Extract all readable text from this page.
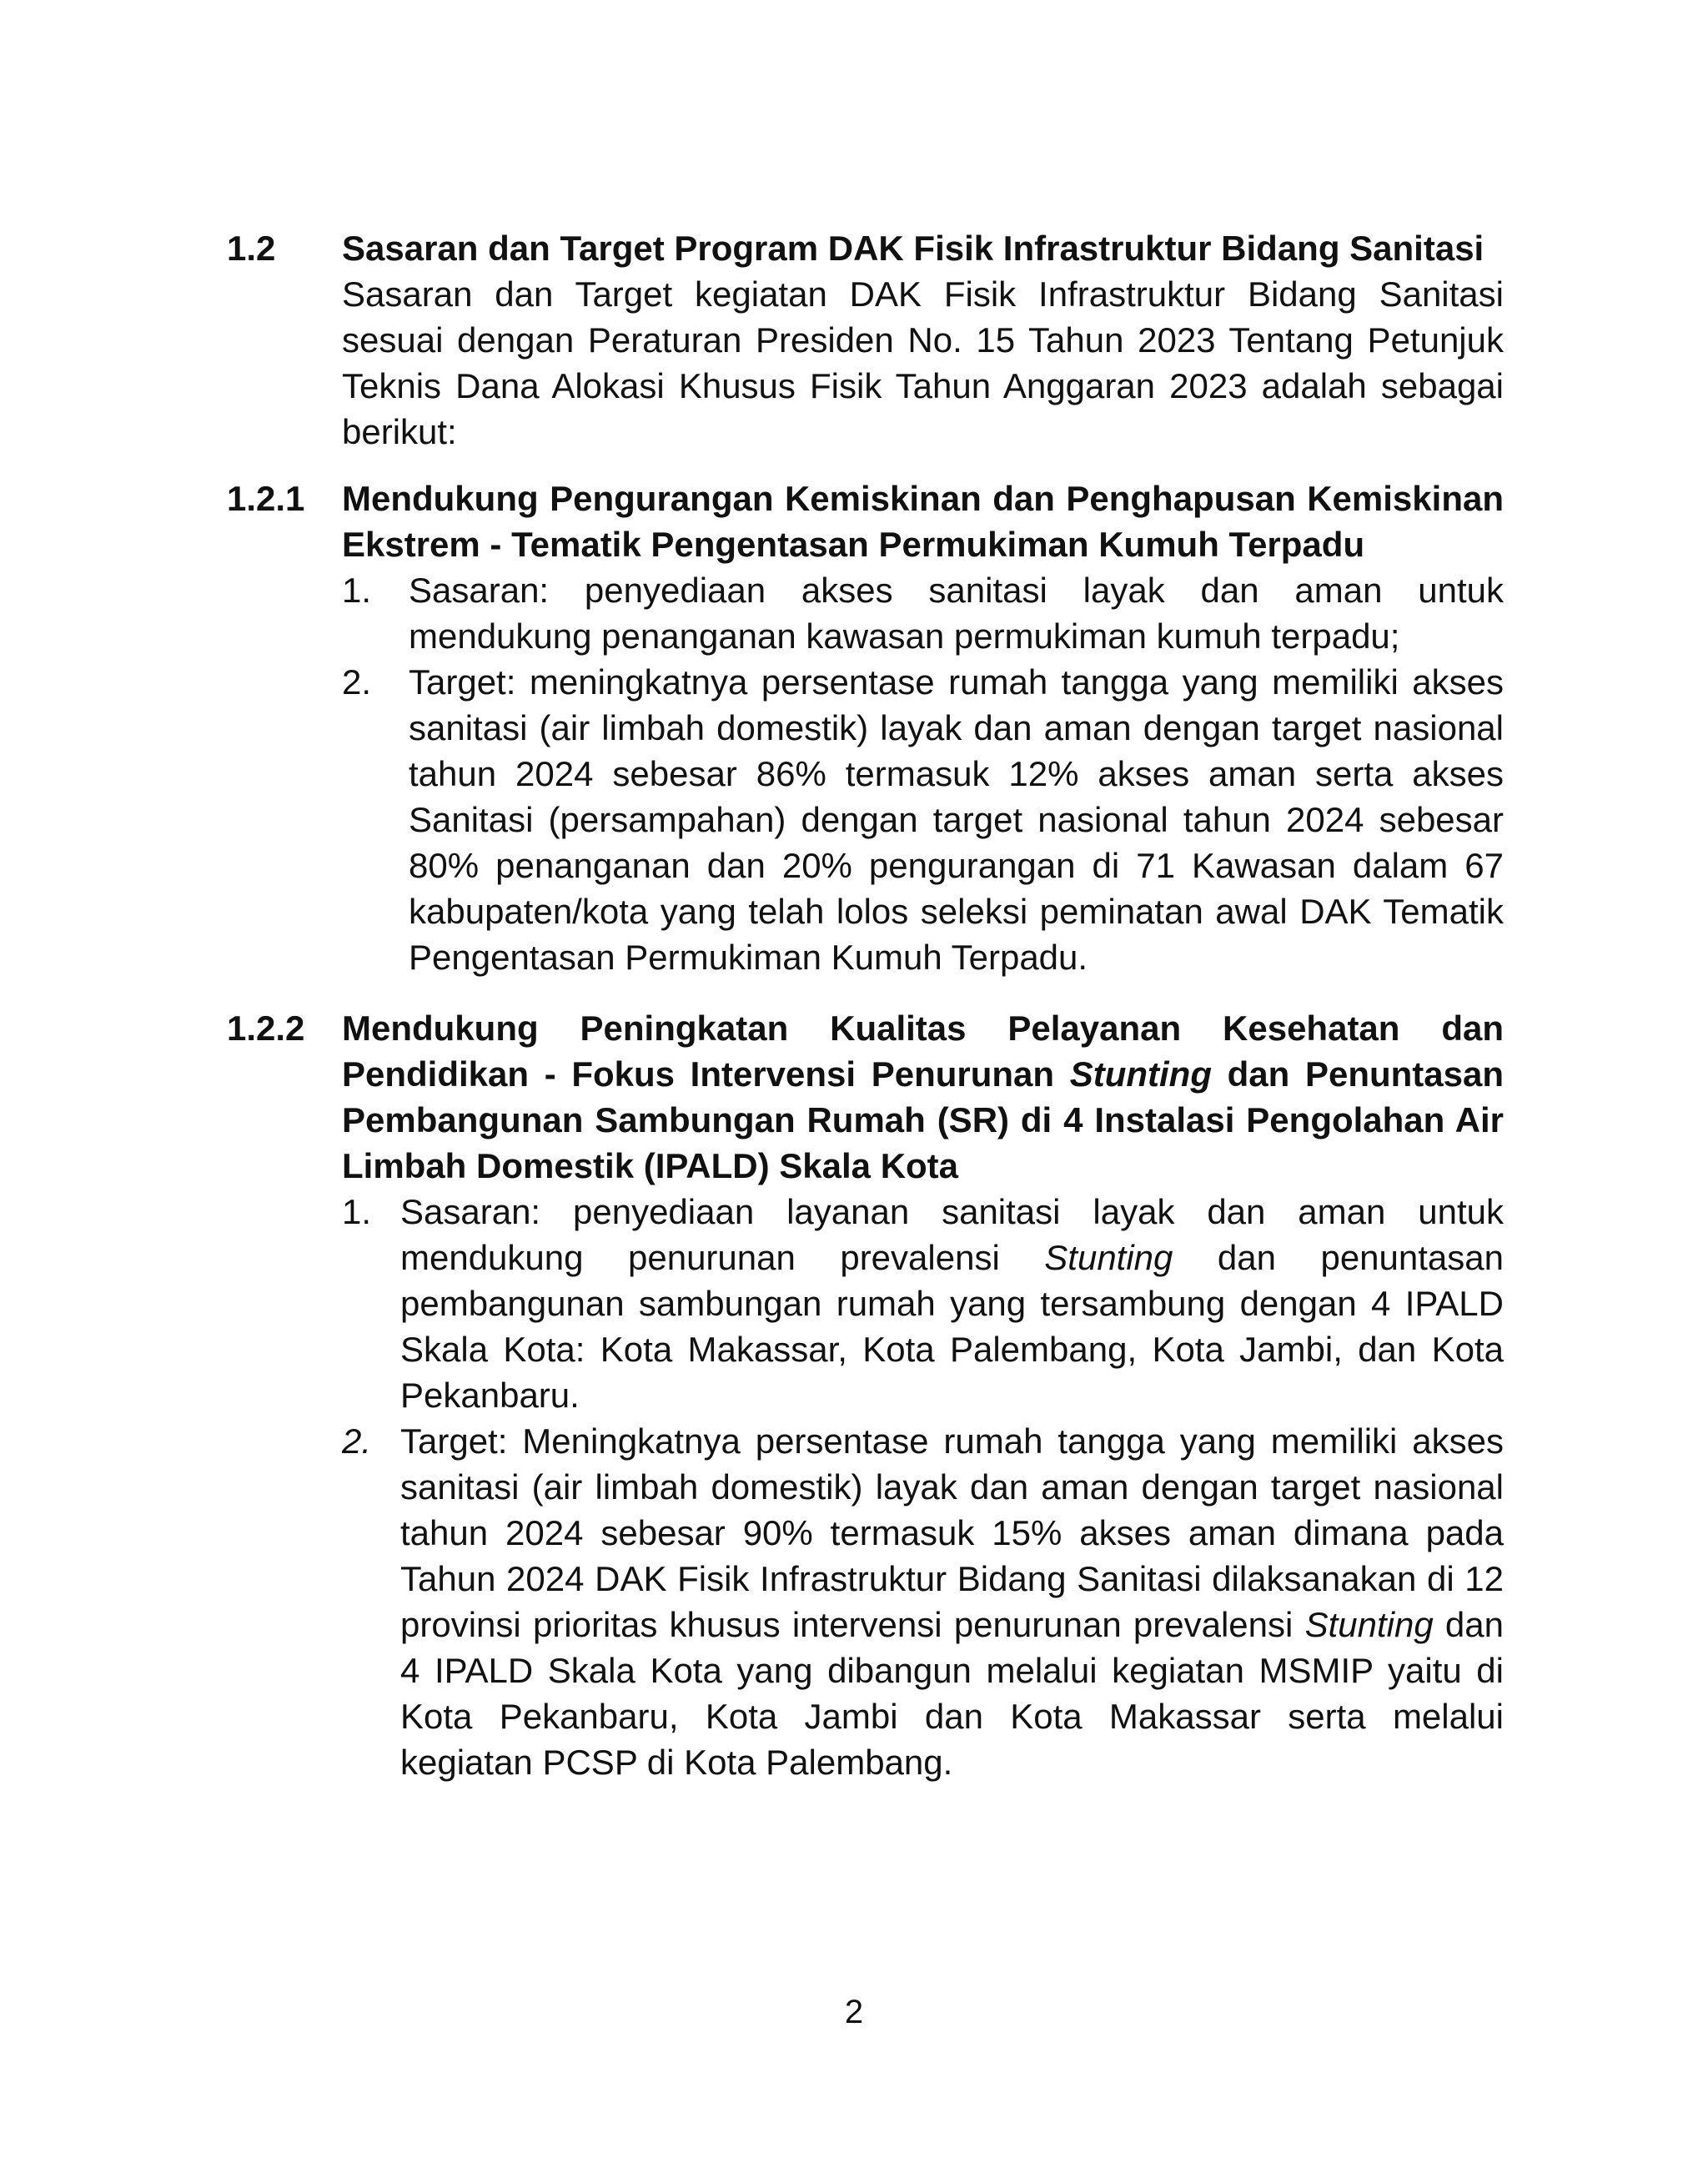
1.2	Sasaran dan Target Program DAK Fisik Infrastruktur Bidang Sanitasi
Sasaran dan Target kegiatan DAK Fisik Infrastruktur Bidang Sanitasi sesuai dengan Peraturan Presiden No. 15 Tahun 2023 Tentang Petunjuk Teknis Dana Alokasi Khusus Fisik Tahun Anggaran 2023 adalah sebagai berikut:
1.2.1	Mendukung Pengurangan Kemiskinan dan Penghapusan Kemiskinan Ekstrem - Tematik Pengentasan Permukiman Kumuh Terpadu
1.	Sasaran: penyediaan akses sanitasi layak dan aman untuk mendukung penanganan kawasan permukiman kumuh terpadu;
2.	Target: meningkatnya persentase rumah tangga yang memiliki akses sanitasi (air limbah domestik) layak dan aman dengan target nasional tahun 2024 sebesar 86% termasuk 12% akses aman serta akses Sanitasi (persampahan) dengan target nasional tahun 2024 sebesar 80% penanganan dan 20% pengurangan di 71 Kawasan dalam 67 kabupaten/kota yang telah lolos seleksi peminatan awal DAK Tematik Pengentasan Permukiman Kumuh Terpadu.
1.2.2	Mendukung Peningkatan Kualitas Pelayanan Kesehatan dan Pendidikan - Fokus Intervensi Penurunan Stunting dan Penuntasan Pembangunan Sambungan Rumah (SR) di 4 Instalasi Pengolahan Air Limbah Domestik (IPALD) Skala Kota
1. Sasaran: penyediaan layanan sanitasi layak dan aman untuk mendukung penurunan prevalensi Stunting dan penuntasan pembangunan sambungan rumah yang tersambung dengan 4 IPALD Skala Kota: Kota Makassar, Kota Palembang, Kota Jambi, dan Kota Pekanbaru.
2. Target: Meningkatnya persentase rumah tangga yang memiliki akses sanitasi (air limbah domestik) layak dan aman dengan target nasional tahun 2024 sebesar 90% termasuk 15% akses aman dimana pada Tahun 2024 DAK Fisik Infrastruktur Bidang Sanitasi dilaksanakan di 12 provinsi prioritas khusus intervensi penurunan prevalensi Stunting dan 4 IPALD Skala Kota yang dibangun melalui kegiatan MSMIP yaitu di Kota Pekanbaru, Kota Jambi dan Kota Makassar serta melalui kegiatan PCSP di Kota Palembang.
2
